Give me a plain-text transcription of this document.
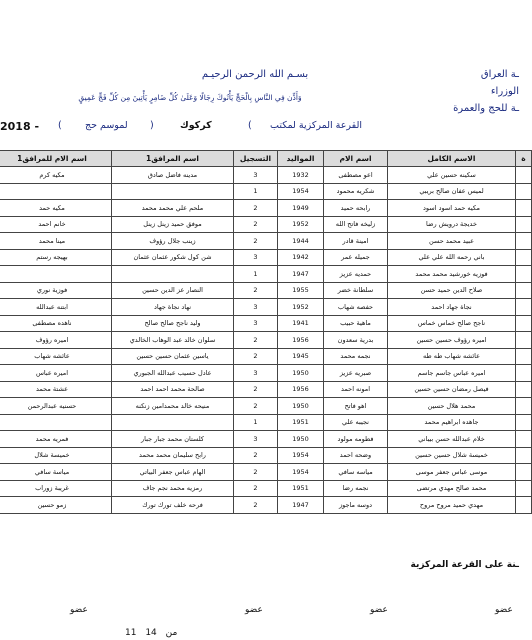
ـة العراق
الوزراء
ـة للحج والعمرة
بسـم الله الرحمن الرحيـم
وَأَذِّن فِي النَّاسِ بِالْحَجِّ يَأْتُوكَ رِجَالًا وَعَلَىٰ كُلِّ ضَامِرٍ يَأْتِينَ مِن كُلِّ فَجٍّ عَمِيقٍ
القرعة المركزية لمكتب
(
كركوك
)
لموسم حج
(
2018 -
ة	الاسم الكامل	اسم الام	المواليد	التسجيل	اسم المرافق1	اسم الام للمرافق1
	سكينه حسين علي	اعو مصطفى	1932	3	مدينه فاضل صادق	مكيه كرم
	لميس عفان صالح بريبي	شكريه محمود	1954	1		
	مكيه حمد اسود اسود	رابحه حميد	1949	2	ملحم علي محمد محمد	مكيه حمد
	خديجة درويش رضا	زليخه فاتح الله	1952	2	موفق حميد زينل زينل	خانم احمد
	عبيد محمد حسن	امينة قادر	1944	2	زينب جلال رؤوف	مينا محمد
	باني رحمه الله علي علي	جميله عمر	1942	3	شن كول شكور عثمان عثمان	بهيجه رستم
	فوزيه خورشيد محمد محمد	حمديه عزيز	1947	1		
	صلاح الدين حميد حسن	سلطانة خضر	1955	2	النصار عز الدين حسين	فوزية نوري
	نجاة جهاد احمد	حفصه شهاب	1952	3	نهاد نجاة جهاد	ابتنه عبدالله
	ناجح صالح خماس خماس	ماهية حبيب	1941	3	وليد ناجح صالح صالح	ناهده مصطفى
	اميره رؤوف حسين حسين	بدرية سعدون	1956	2	سلوان خالد عبد الوهاب الخالدي	اميره رؤوف
	عائشه شهاب طه طه	نجمه محمد	1945	2	ياسين عثمان حسين حسين	عائشه شهاب
	اميره عباس جاسم جاسم	صبريه عزيز	1950	3	عادل حسيب عبدالله الجبوري	اميره عباس
	فيصل رمضان حسين حسين	امونه احمد	1956	2	صالحة محمد احمد احمد	عشتة محمد
	محمد هلال حسين	اهو فاتح	1950	2	منيحه خالد محمدامين زنكنه	حسنيه عبدالرحمن
	جاهده ابراهيم محمد	نجيبه علي	1951	1		
	خلام عبدالله حسن بيباني	فطومه مولود	1950	3	كلستان محمد جبار جبار	فمريه محمد
	خميسة شلال حسين حسين	وضحه احمد	1954	2	رابح سليمان محمد محمد	خميسة شلال
	موسى عباس جعفر موسى	مياسه سافي	1954	2	الهام عباس جعفر البياتي	مياسة سافي
	محمد صالح مهدي مرتضى	نجمه رضا	1951	2	رمزيه محمد نجم جاف	غريبة زوراب
	مهدي حميد مروح مروح	دوسه ماجوز	1947	2	فرحه خلف تورك تورك	زمو حسين
ـنة على القرعة المركزية
عضو
عضو
عضو
عضو
11	من 14
